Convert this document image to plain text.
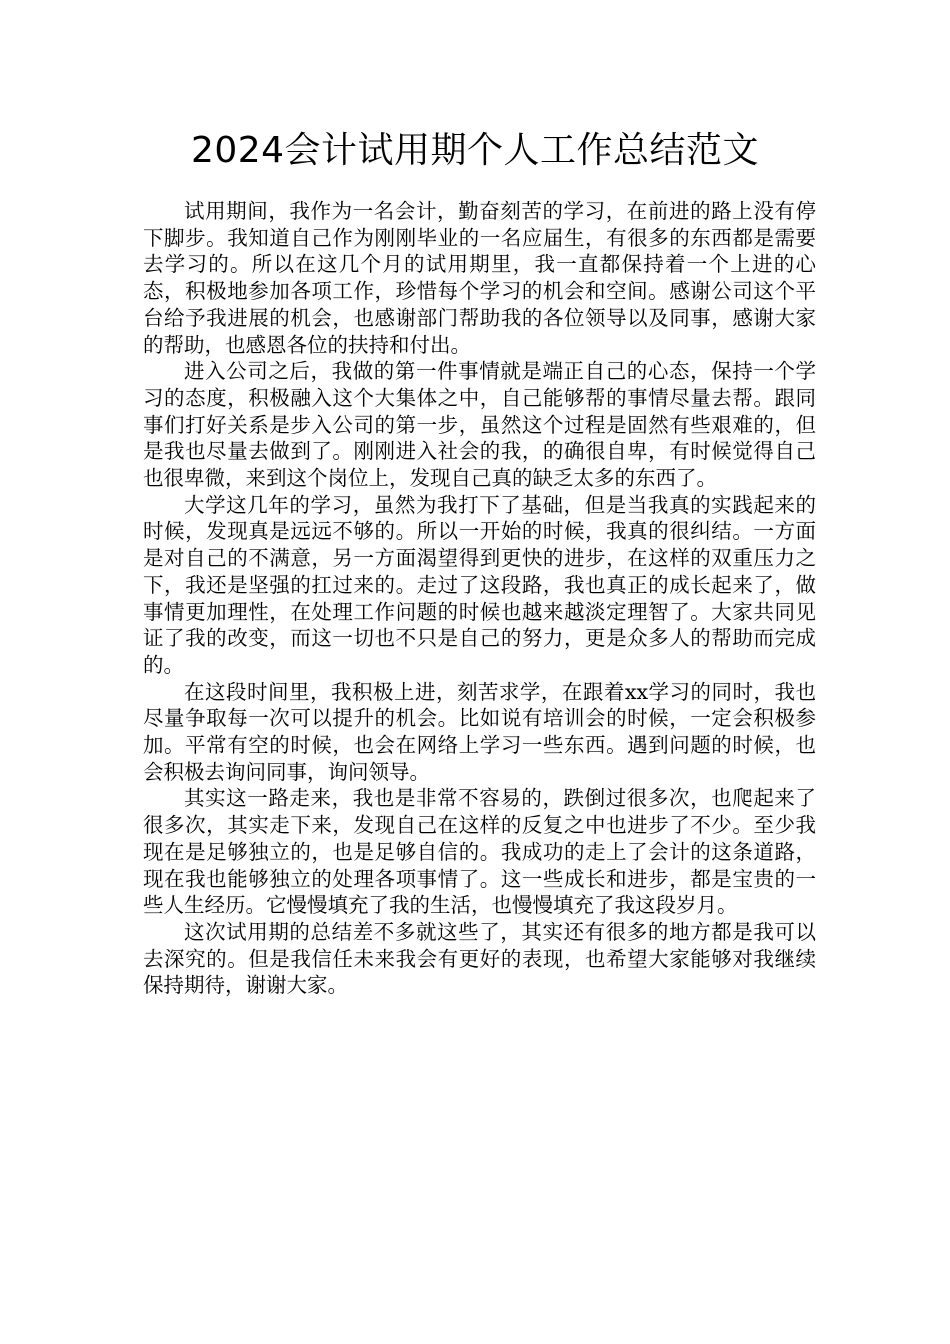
2024会计试用期个人工作总结范文

试用期间，我作为一名会计，勤奋刻苦的学习，在前进的路上没有停下脚步。我知道自己作为刚刚毕业的一名应届生，有很多的东西都是需要去学习的。所以在这几个月的试用期里，我一直都保持着一个上进的心态，积极地参加各项工作，珍惜每个学习的机会和空间。感谢公司这个平台给予我进展的机会，也感谢部门帮助我的各位领导以及同事，感谢大家的帮助，也感恩各位的扶持和付出。

进入公司之后，我做的第一件事情就是端正自己的心态，保持一个学习的态度，积极融入这个大集体之中，自己能够帮的事情尽量去帮。跟同事们打好关系是步入公司的第一步，虽然这个过程是固然有些艰难的，但是我也尽量去做到了。刚刚进入社会的我，的确很自卑，有时候觉得自己也很卑微，来到这个岗位上，发现自己真的缺乏太多的东西了。

大学这几年的学习，虽然为我打下了基础，但是当我真的实践起来的时候，发现真是远远不够的。所以一开始的时候，我真的很纠结。一方面是对自己的不满意，另一方面渴望得到更快的进步，在这样的双重压力之下，我还是坚强的扛过来的。走过了这段路，我也真正的成长起来了，做事情更加理性，在处理工作问题的时候也越来越淡定理智了。大家共同见证了我的改变，而这一切也不只是自己的努力，更是众多人的帮助而完成的。

在这段时间里，我积极上进，刻苦求学，在跟着xx学习的同时，我也尽量争取每一次可以提升的机会。比如说有培训会的时候，一定会积极参加。平常有空的时候，也会在网络上学习一些东西。遇到问题的时候，也会积极去询问同事，询问领导。

其实这一路走来，我也是非常不容易的，跌倒过很多次，也爬起来了很多次，其实走下来，发现自己在这样的反复之中也进步了不少。至少我现在是足够独立的，也是足够自信的。我成功的走上了会计的这条道路，现在我也能够独立的处理各项事情了。这一些成长和进步，都是宝贵的一些人生经历。它慢慢填充了我的生活，也慢慢填充了我这段岁月。

这次试用期的总结差不多就这些了，其实还有很多的地方都是我可以去深究的。但是我信任未来我会有更好的表现，也希望大家能够对我继续保持期待，谢谢大家。
